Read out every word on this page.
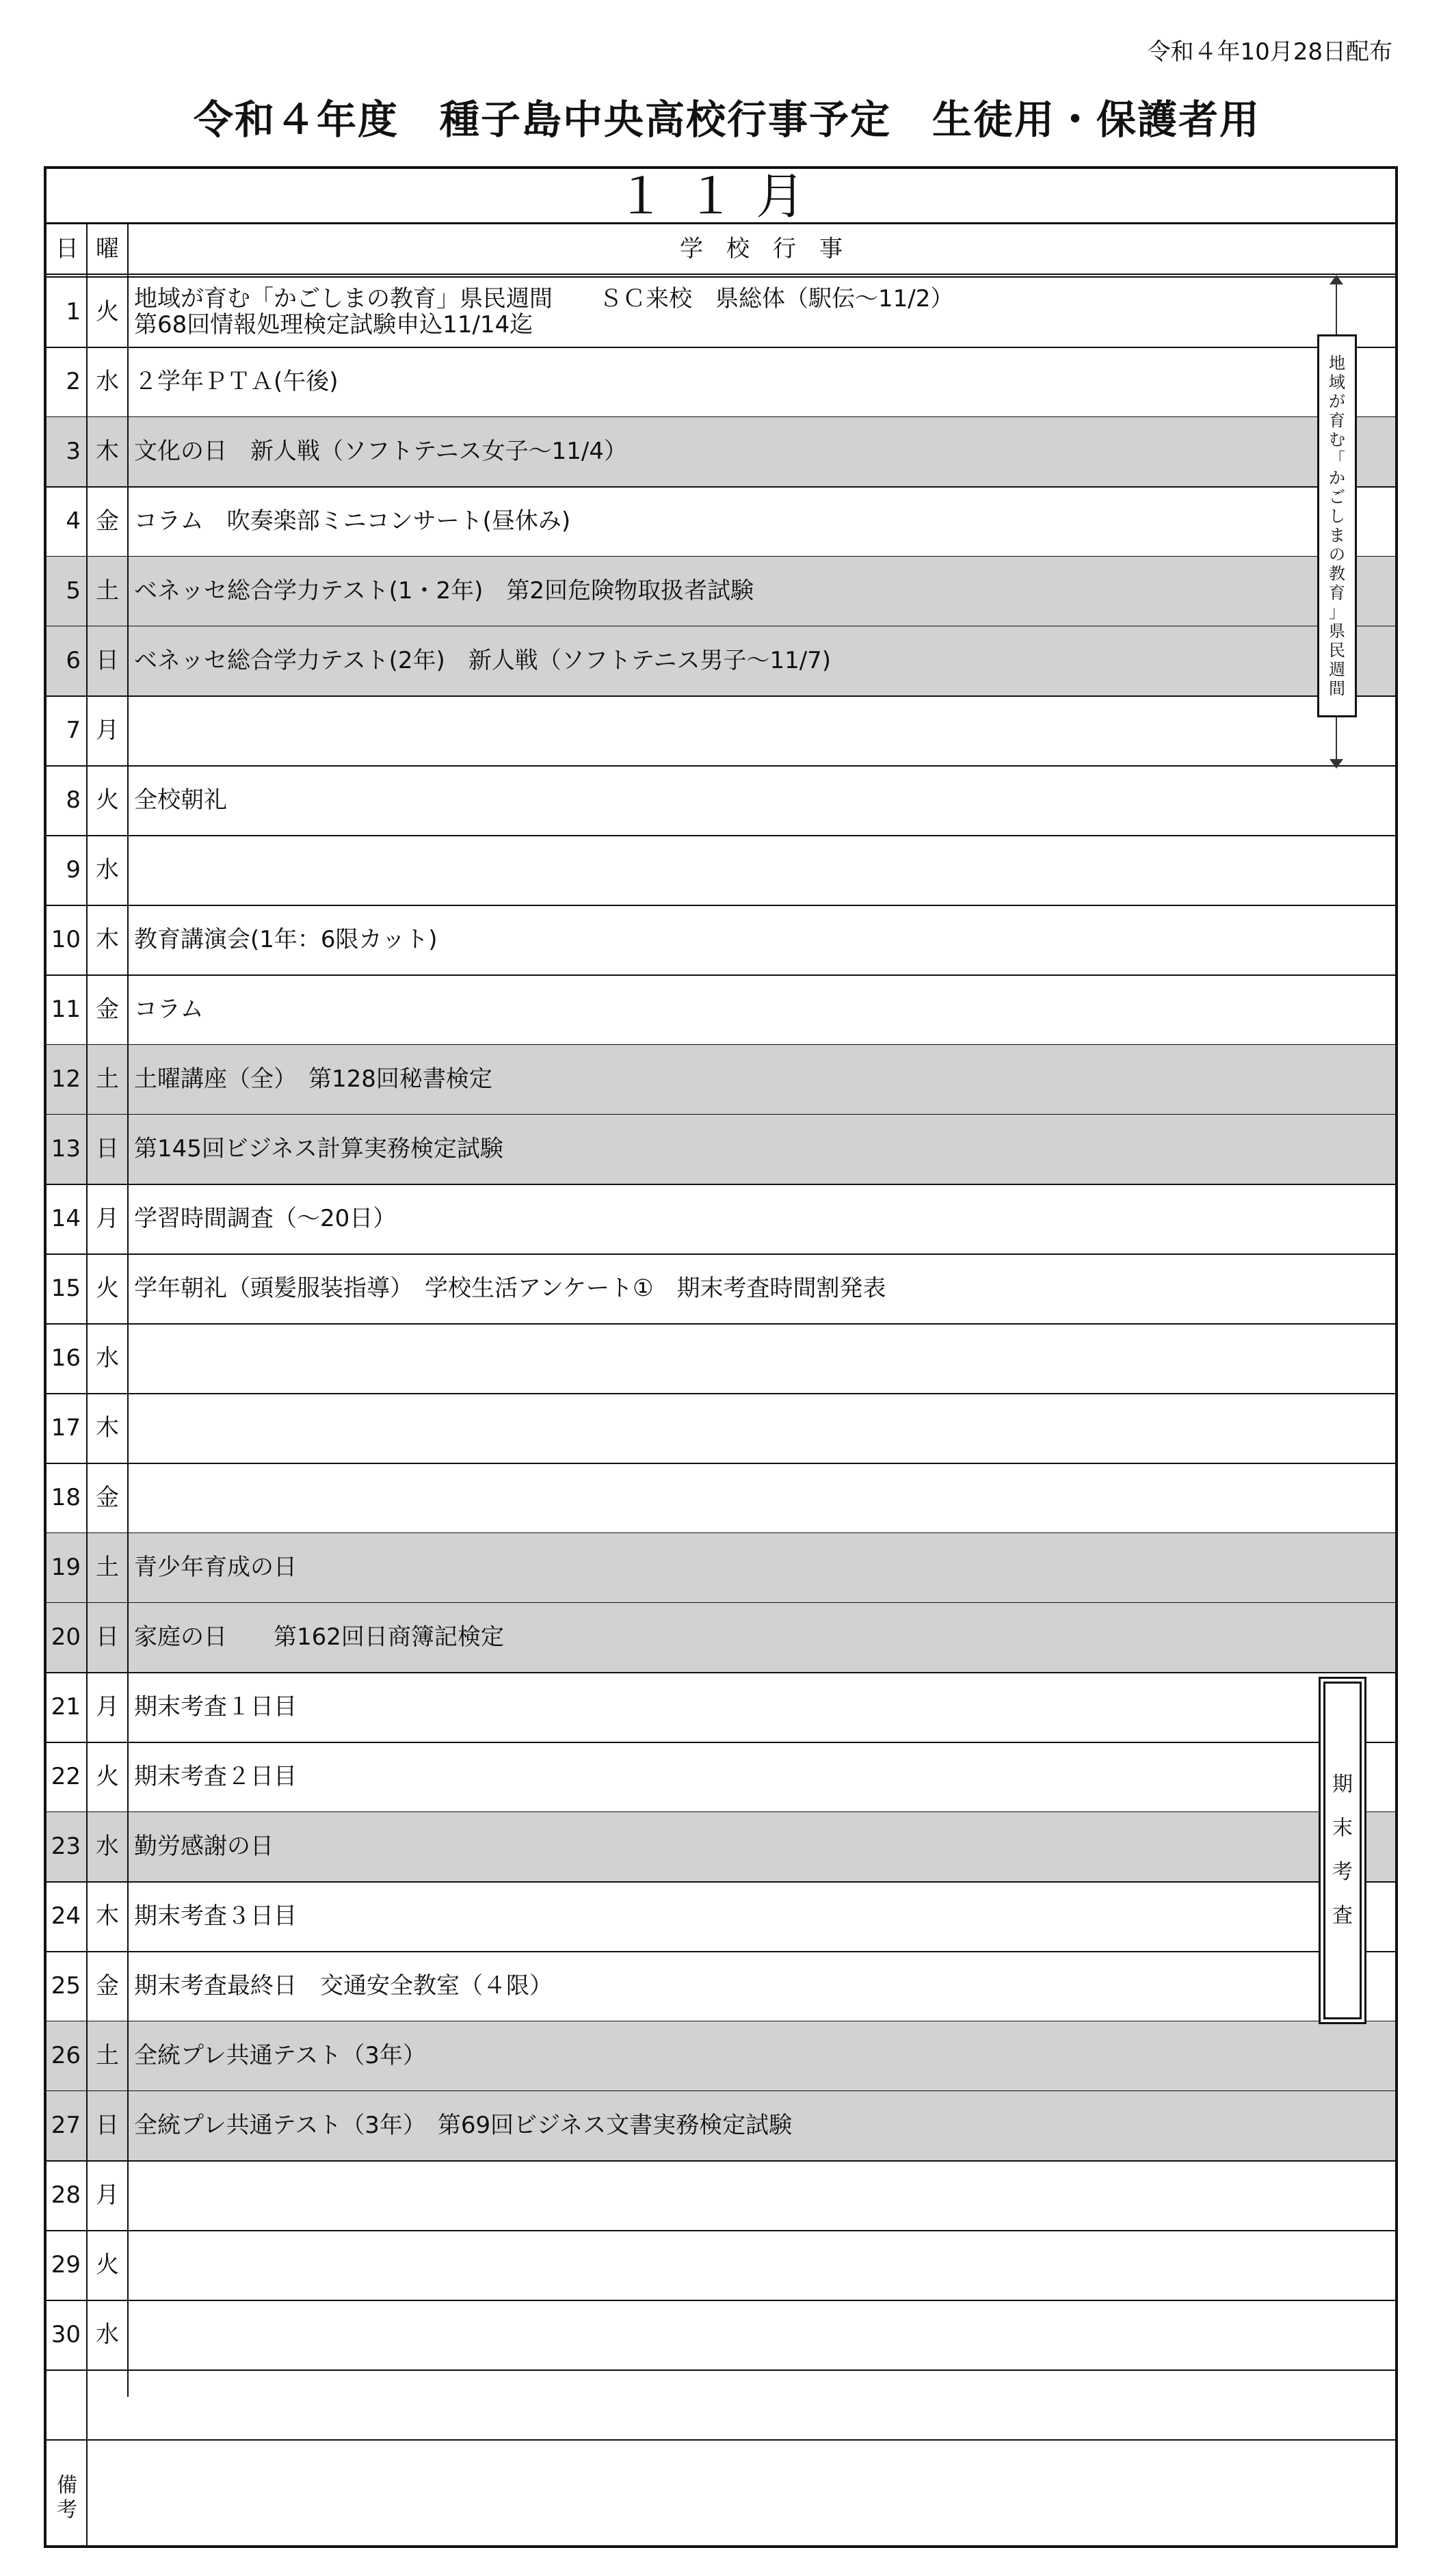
令和４年10月28日配布
令和４年度　種子島中央高校行事予定　生徒用・保護者用
１１月
日 曜	学　校　行　事
1 火 地域が育む「かごしまの教育」県民週間　　ＳＣ来校　県総体（駅伝～11/2）
第68回情報処理検定試験申込11/14迄
2 水 ２学年ＰＴＡ(午後)
3 木 文化の日　新人戦（ソフトテニス女子～11/4）
4 金 コラム　吹奏楽部ミニコンサート(昼休み)
5 土 ベネッセ総合学力テスト(1・2年)　第2回危険物取扱者試験
6 日 ベネッセ総合学力テスト(2年)　新人戦（ソフトテニス男子～11/7)
7 月
8 火 全校朝礼
9 水
10 木 教育講演会(1年：6限カット)
11 金 コラム
12 土 土曜講座（全）　第128回秘書検定
13 日 第145回ビジネス計算実務検定試験
14 月 学習時間調査（～20日）
15 火 学年朝礼（頭髪服装指導）　学校生活アンケート①　期末考査時間割発表
16 水
17 木
18 金
19 土 青少年育成の日
20 日 家庭の日　　第162回日商簿記検定
21 月 期末考査１日目
22 火 期末考査２日目
23 水 勤労感謝の日
24 木 期末考査３日目
25 金 期末考査最終日　交通安全教室（４限）
26 土 全統プレ共通テスト（3年）
27 日 全統プレ共通テスト（3年）　第69回ビジネス文書実務検定試験
28 月
29 火
30 水
備
考
地
域
が
育
む
「
か
ご
し
ま
の
教
育
」
県
民
週
間
期
末
考
査
